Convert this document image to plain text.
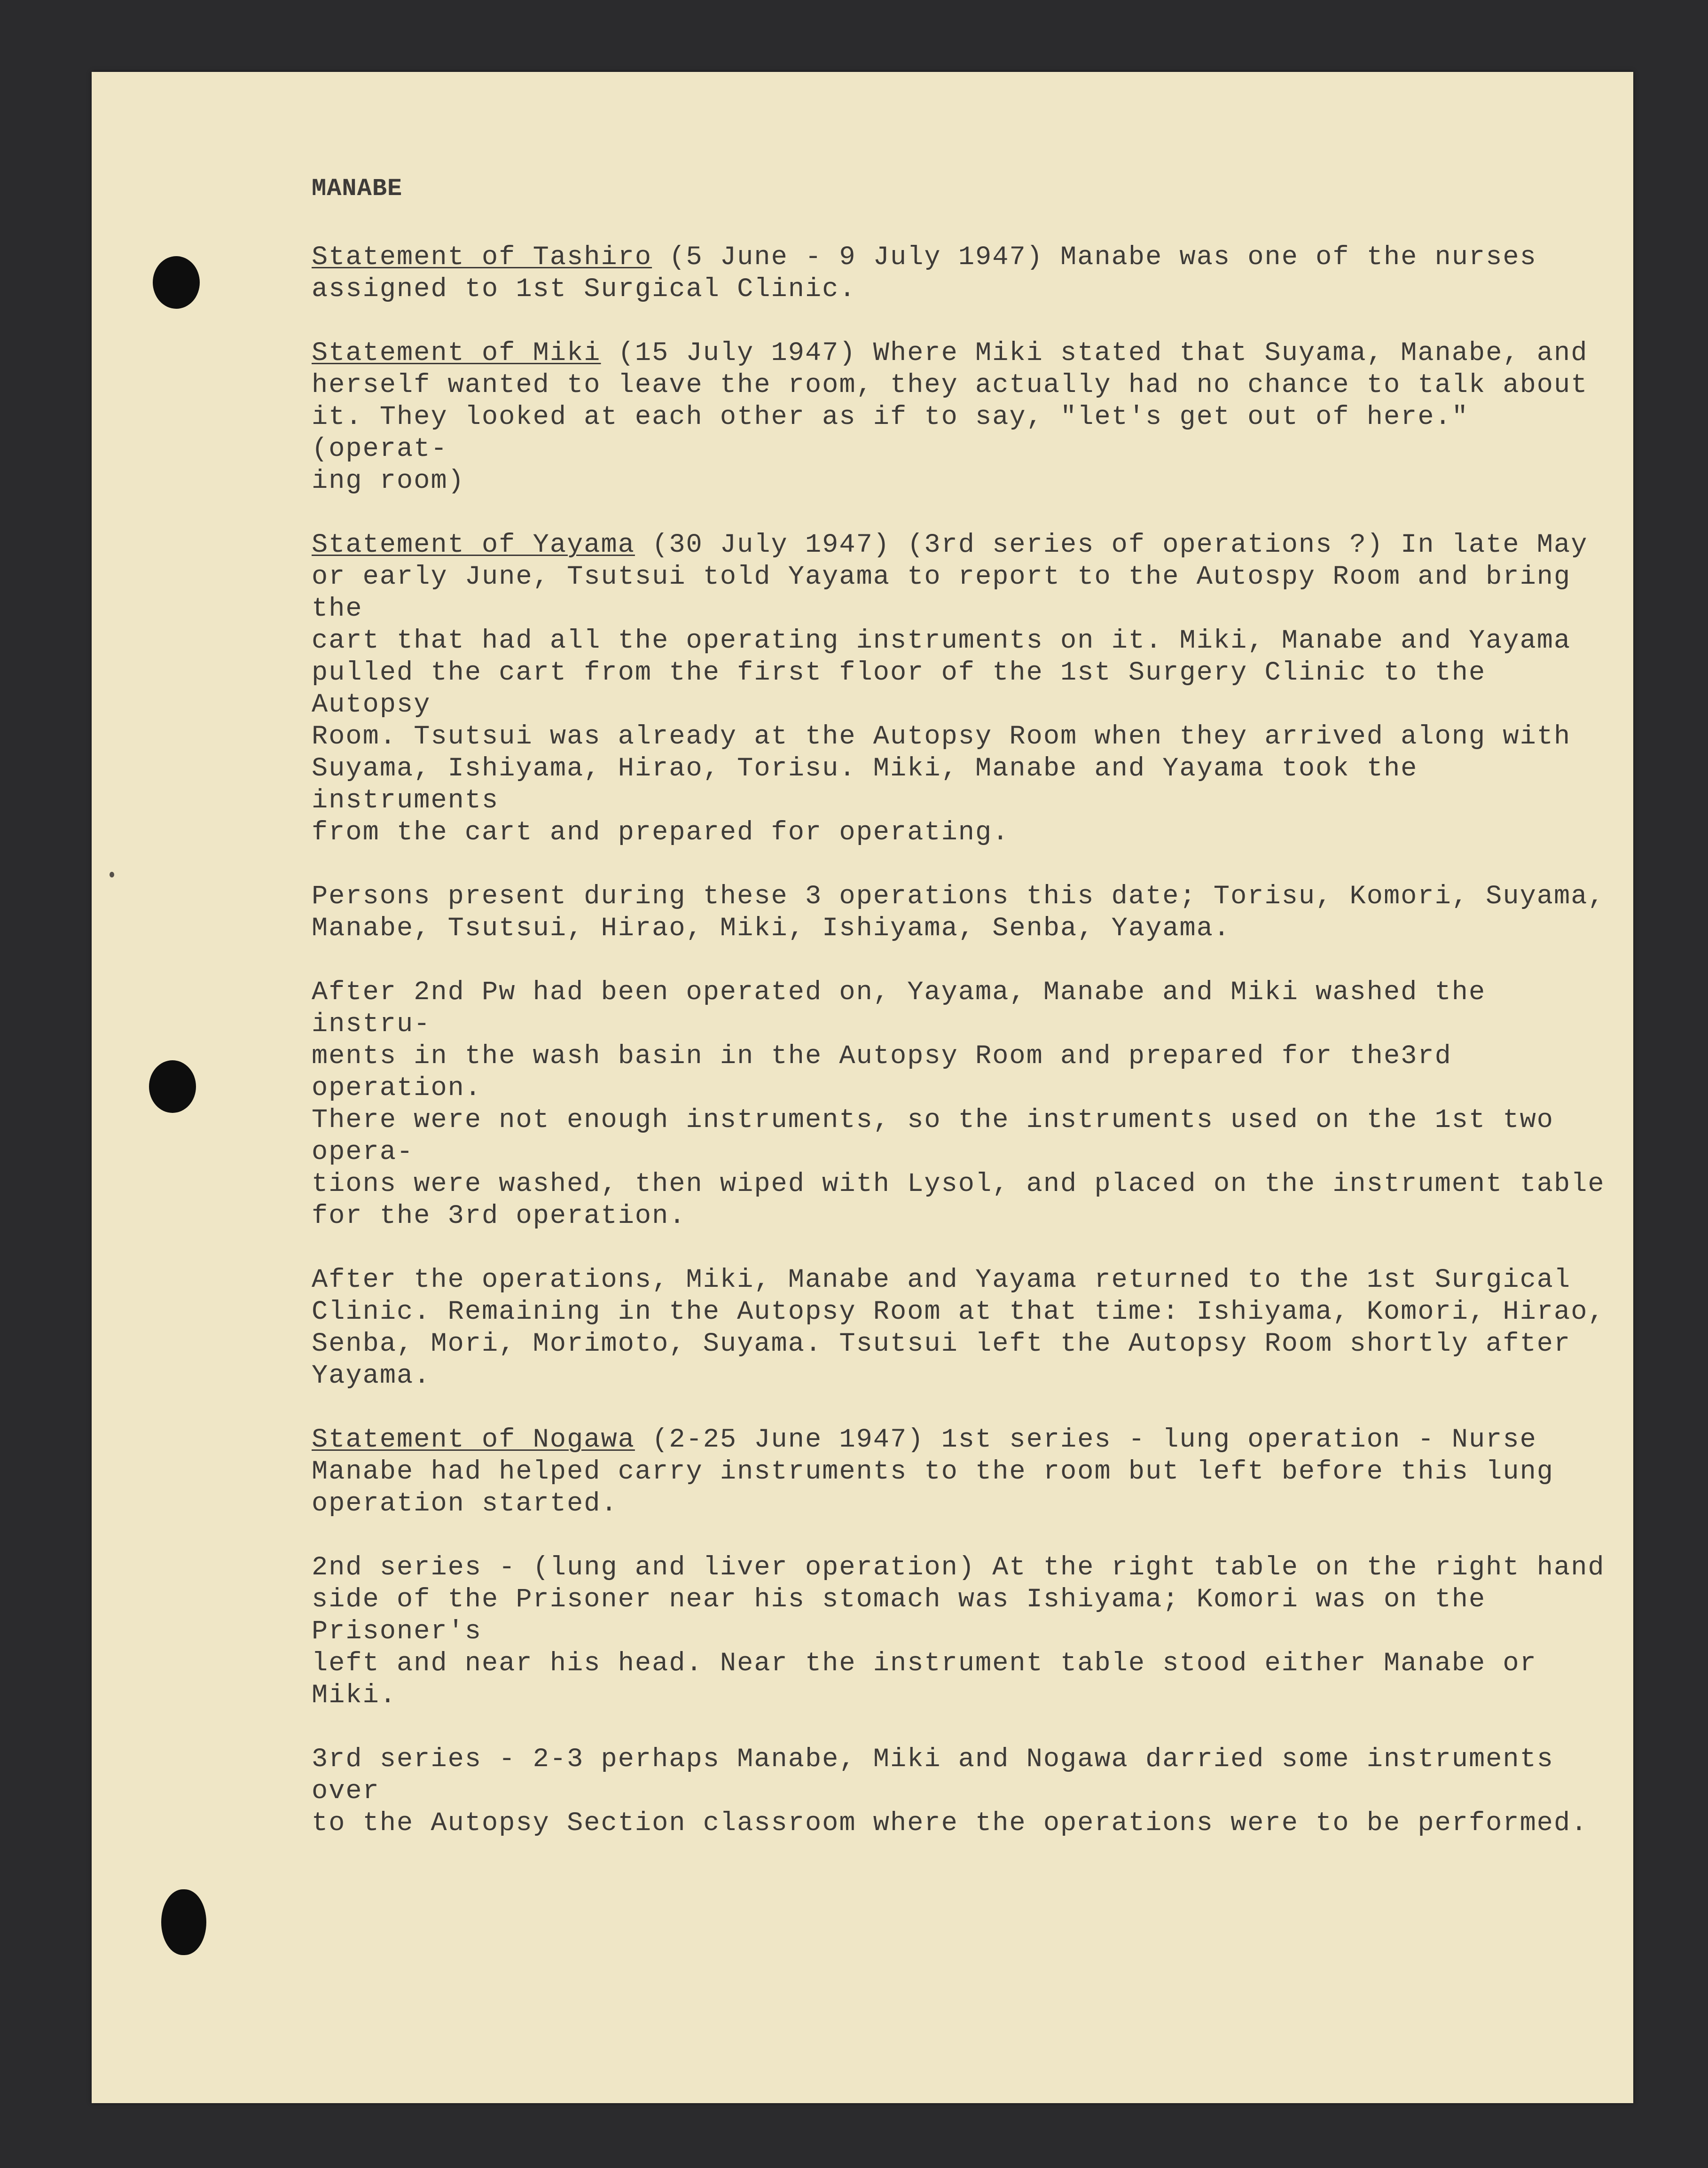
MANABE

Statement of Tashiro (5 June - 9 July 1947) Manabe was one of the nurses
assigned to 1st Surgical Clinic.

Statement of Miki (15 July 1947) Where Miki stated that Suyama, Manabe, and
herself wanted to leave the room, they actually had no chance to talk about
it. They looked at each other as if to say, "let's get out of here." (operat-
ing room)

Statement of Yayama (30 July 1947) (3rd series of operations ?) In late May
or early June, Tsutsui told Yayama to report to the Autospy Room and bring the
cart that had all the operating instruments on it. Miki, Manabe and Yayama
pulled the cart from the first floor of the 1st Surgery Clinic to the Autopsy
Room. Tsutsui was already at the Autopsy Room when they arrived along with
Suyama, Ishiyama, Hirao, Torisu. Miki, Manabe and Yayama took the instruments
from the cart and prepared for operating.

Persons present during these 3 operations this date; Torisu, Komori, Suyama,
Manabe, Tsutsui, Hirao, Miki, Ishiyama, Senba, Yayama.

After 2nd Pw had been operated on, Yayama, Manabe and Miki washed the instru-
ments in the wash basin in the Autopsy Room and prepared for the3rd operation.
There were not enough instruments, so the instruments used on the 1st two opera-
tions were washed, then wiped with Lysol, and placed on the instrument table
for the 3rd operation.

After the operations, Miki, Manabe and Yayama returned to the 1st Surgical
Clinic. Remaining in the Autopsy Room at that time: Ishiyama, Komori, Hirao,
Senba, Mori, Morimoto, Suyama. Tsutsui left the Autopsy Room shortly after
Yayama.

Statement of Nogawa (2-25 June 1947) 1st series - lung operation - Nurse
Manabe had helped carry instruments to the room but left before this lung
operation started.

2nd series - (lung and liver operation) At the right table on the right hand
side of the Prisoner near his stomach was Ishiyama; Komori was on the Prisoner's
left and near his head. Near the instrument table stood either Manabe or Miki.

3rd series - 2-3 perhaps Manabe, Miki and Nogawa darried some instruments over
to the Autopsy Section classroom where the operations were to be performed.
